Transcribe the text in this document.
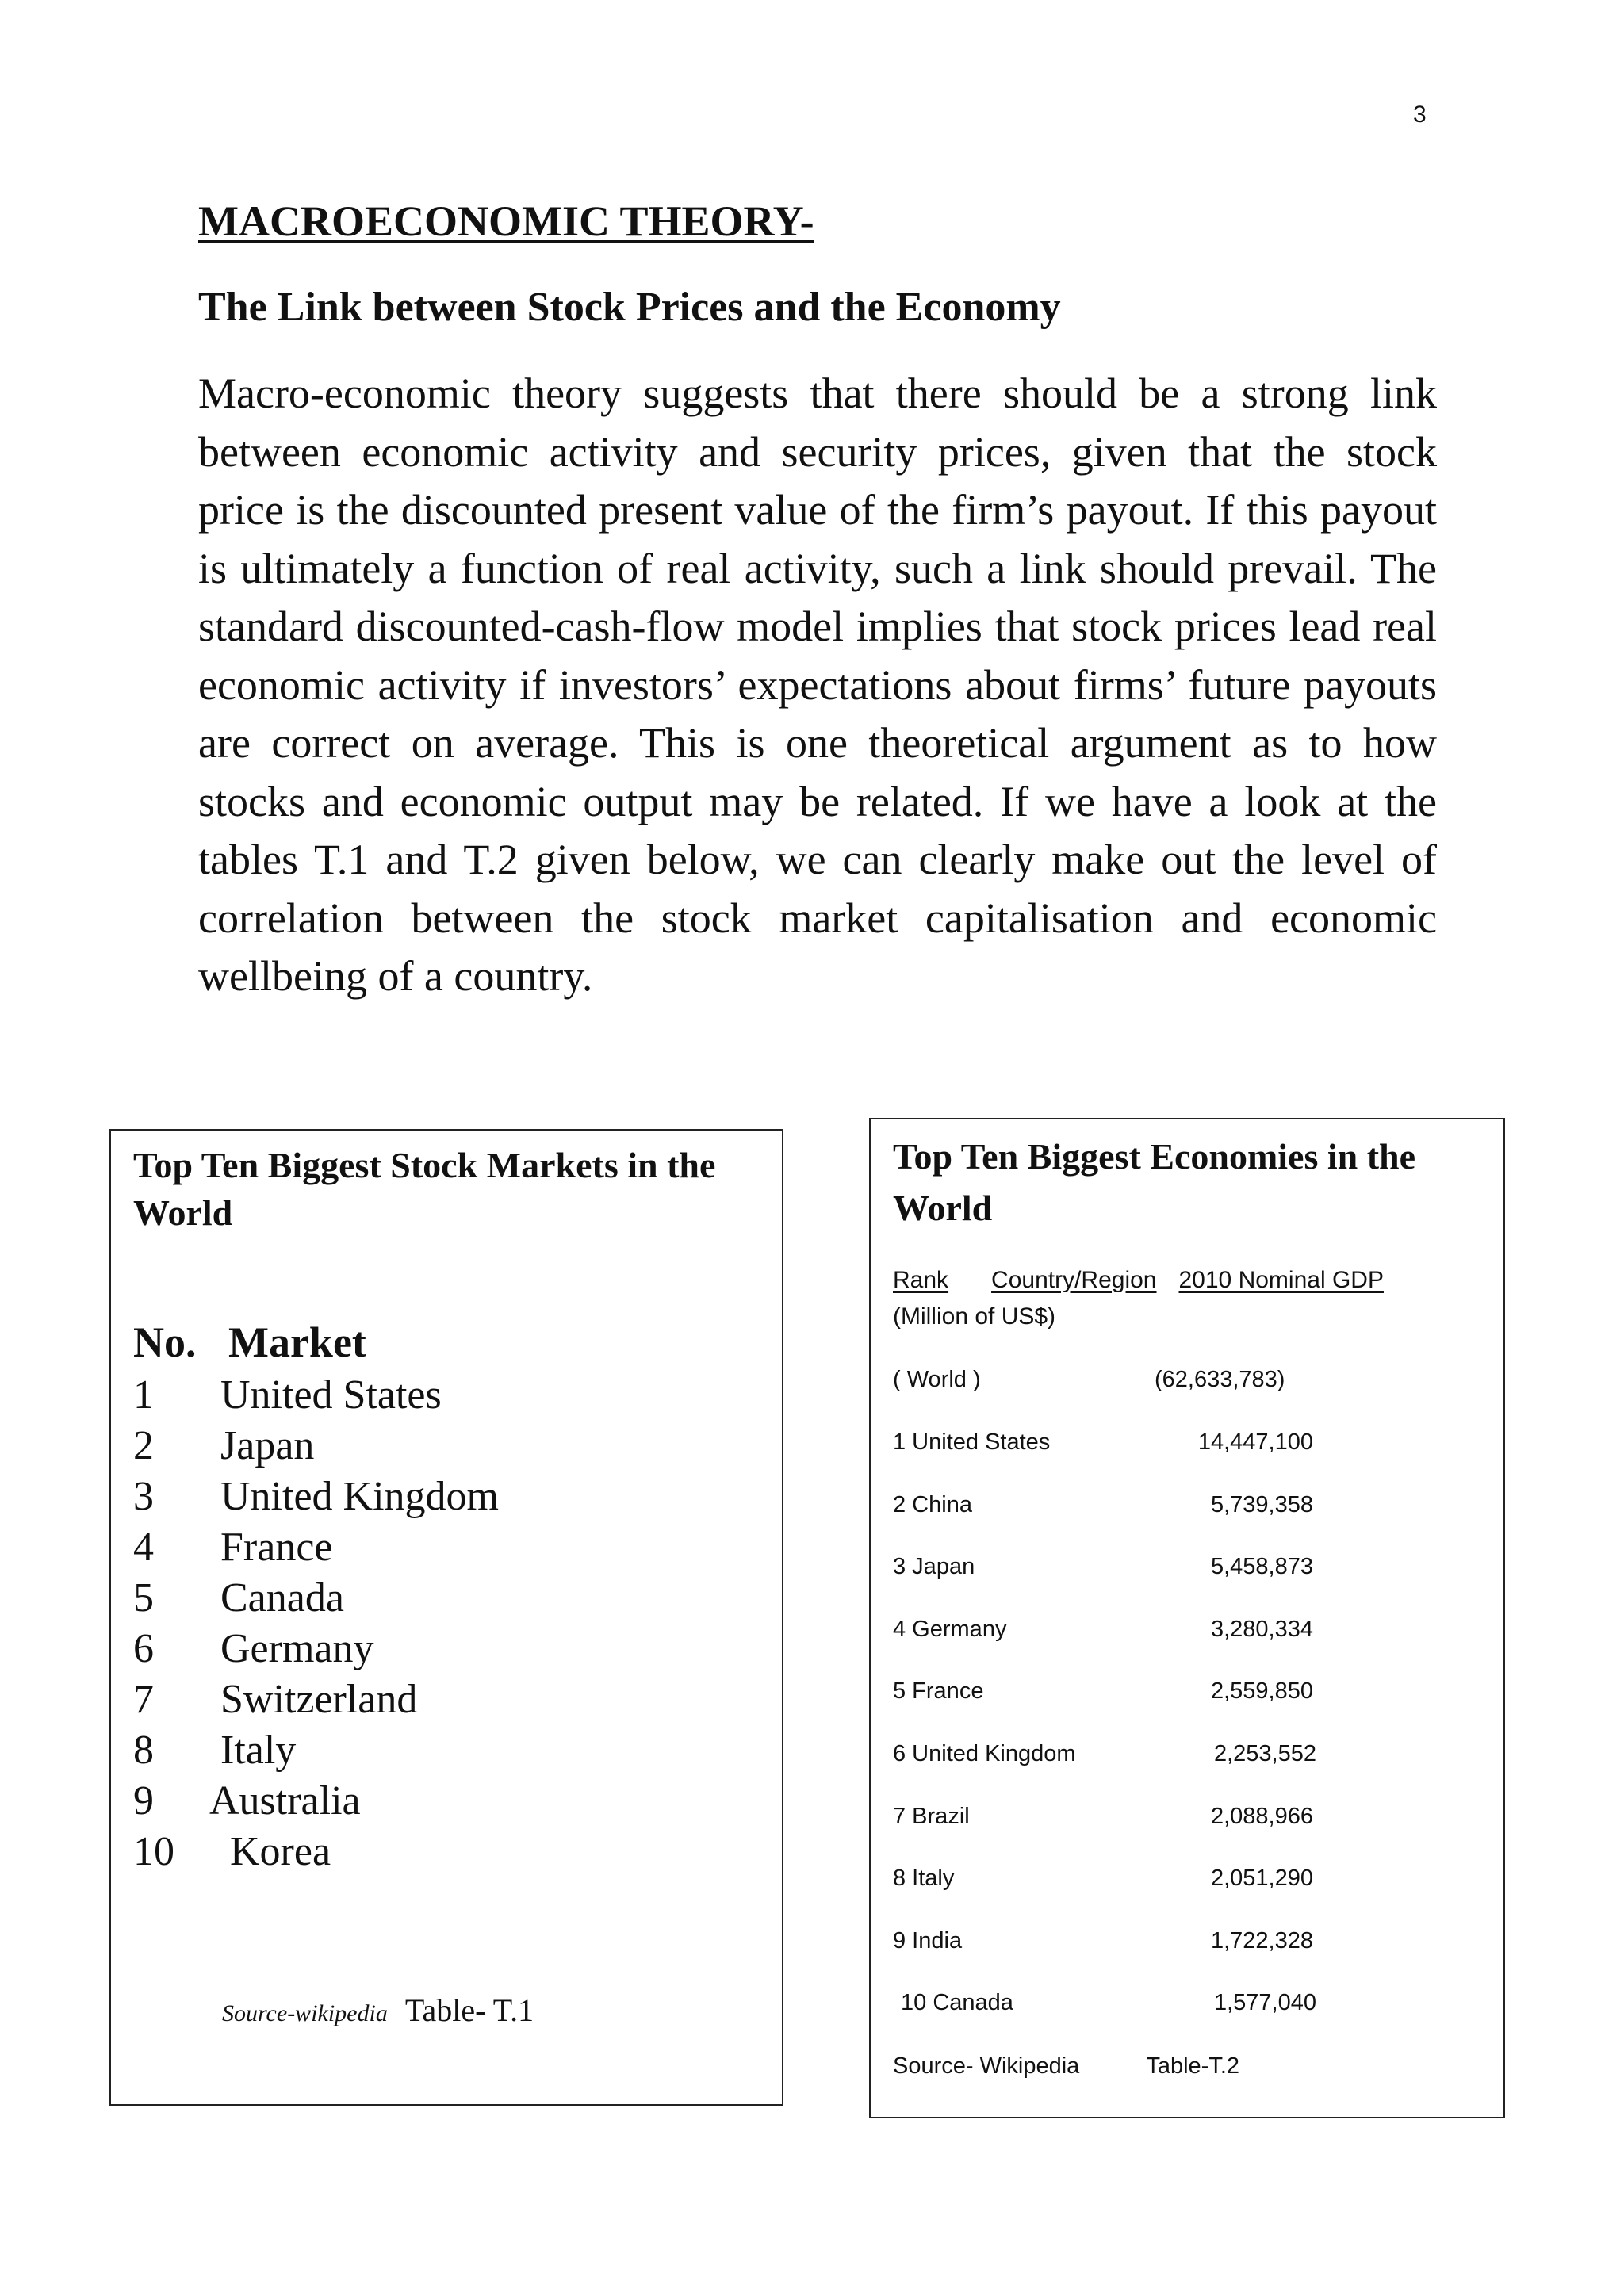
3
MACROECONOMIC THEORY-
The Link between Stock Prices and the Economy

Macro-economic theory suggests that there should be a strong link between economic activity and security prices, given that the stock price is the discounted present value of the firm’s payout. If this payout is ultimately a function of real activity, such a link should prevail. The standard discounted-cash-flow model implies that stock prices lead real economic activity if investors’ expectations about firms’ future payouts are correct on average. This is one theoretical argument as to how stocks and economic output may be related. If we have a look at the tables T.1 and T.2 given below, we can clearly make out the level of correlation between the stock market capitalisation and economic wellbeing of a country.

Top Ten Biggest Stock Markets in the World
No. Market
1 United States
2 Japan
3 United Kingdom
4 France
5 Canada
6 Germany
7 Switzerland
8 Italy
9 Australia
10 Korea
Source-wikipedia Table- T.1
Top Ten Biggest Economies in the World
Rank Country/Region 2010 Nominal GDP
(Million of US$)
( World )	(62,633,783)
1 United States	14,447,100
2 China	5,739,358
3 Japan	5,458,873
4 Germany	3,280,334
5 France	2,559,850
6 United Kingdom	2,253,552
7 Brazil	2,088,966
8 Italy	2,051,290
9 India	1,722,328
10 Canada	1,577,040
Source- Wikipedia	Table-T.2
